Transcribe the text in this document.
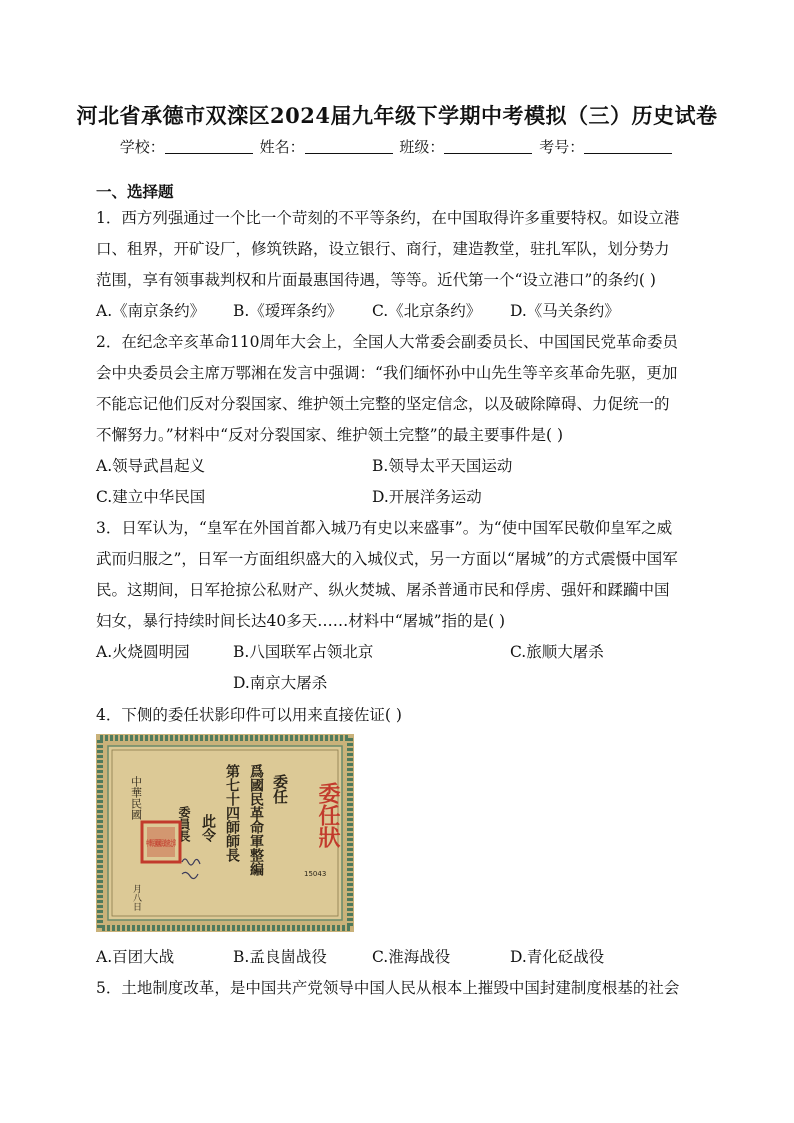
河北省承德市双滦区2024届九年级下学期中考模拟（三）历史试卷
学校：	姓名：	班级：	考号：
一、选择题
1．西方列强通过一个比一个苛刻的不平等条约，在中国取得许多重要特权。如设立港
口、租界，开矿设厂，修筑铁路，设立银行、商行，建造教堂，驻扎军队，划分势力
范围，享有领事裁判权和片面最惠国待遇，等等。近代第一个“设立港口”的条约( )
A.《南京条约》 B.《瑷珲条约》 C.《北京条约》 D.《马关条约》
2．在纪念辛亥革命110周年大会上，全国人大常委会副委员长、中国国民党革命委员
会中央委员会主席万鄂湘在发言中强调：“我们缅怀孙中山先生等辛亥革命先驱，更加
不能忘记他们反对分裂国家、维护领土完整的坚定信念，以及破除障碍、力促统一的
不懈努力。”材料中“反对分裂国家、维护领土完整”的最主要事件是( )
A.领导武昌起义	B.领导太平天国运动
C.建立中华民国	D.开展洋务运动
3．日军认为，“皇军在外国首都入城乃有史以来盛事”。为“使中国军民敬仰皇军之威
武而归服之”，日军一方面组织盛大的入城仪式，另一方面以“屠城”的方式震慑中国军
民。这期间，日军抢掠公私财产、纵火焚城、屠杀普通市民和俘虏、强奸和蹂躏中国
妇女，暴行持续时间长达40多天……材料中“屠城”指的是( )
A.火烧圆明园	B.八国联军占领北京	C.旅顺大屠杀
D.南京大屠杀
4．下侧的委任状影印件可以用来直接佐证( )
委任狀
委任
爲國民革命軍整編
第七十四師師長
此令
委員長
中華民國
月八日
15043
中華民國國民政府之印
A.百团大战	B.孟良崮战役	C.淮海战役	D.青化砭战役
5．土地制度改革，是中国共产党领导中国人民从根本上摧毁中国封建制度根基的社会
